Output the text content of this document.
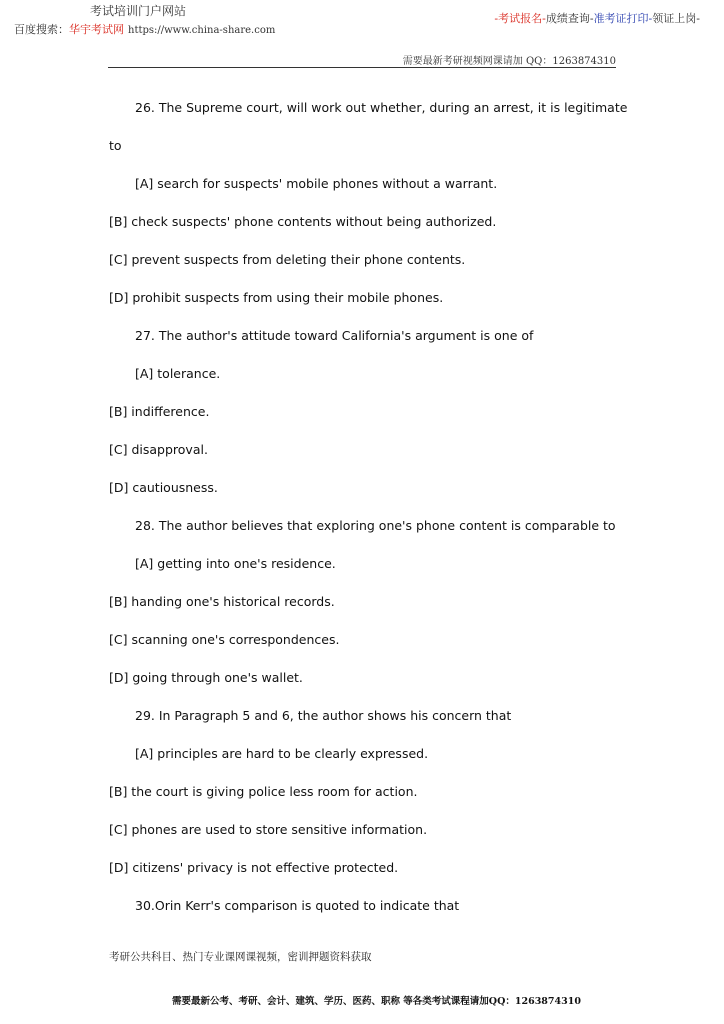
考试培训门户网站
百度搜索：华宇考试网 https://www.china-share.com
-考试报名-成绩查询-准考证打印-领证上岗-
需要最新考研视频网课请加 QQ：1263874310
26. The Supreme court, will work out whether, during an arrest, it is legitimate
to
[A] search for suspects' mobile phones without a warrant.
[B] check suspects' phone contents without being authorized.
[C] prevent suspects from deleting their phone contents.
[D] prohibit suspects from using their mobile phones.
27. The author's attitude toward California's argument is one of
[A] tolerance.
[B] indifference.
[C] disapproval.
[D] cautiousness.
28. The author believes that exploring one's phone content is comparable to
[A] getting into one's residence.
[B] handing one's historical records.
[C] scanning one's correspondences.
[D] going through one's wallet.
29. In Paragraph 5 and 6, the author shows his concern that
[A] principles are hard to be clearly expressed.
[B] the court is giving police less room for action.
[C] phones are used to store sensitive information.
[D] citizens' privacy is not effective protected.
30.Orin Kerr's comparison is quoted to indicate that
考研公共科目、热门专业课网课视频，密训押题资料获取
需要最新公考、考研、会计、建筑、学历、医药、职称 等各类考试课程请加QQ：1263874310
